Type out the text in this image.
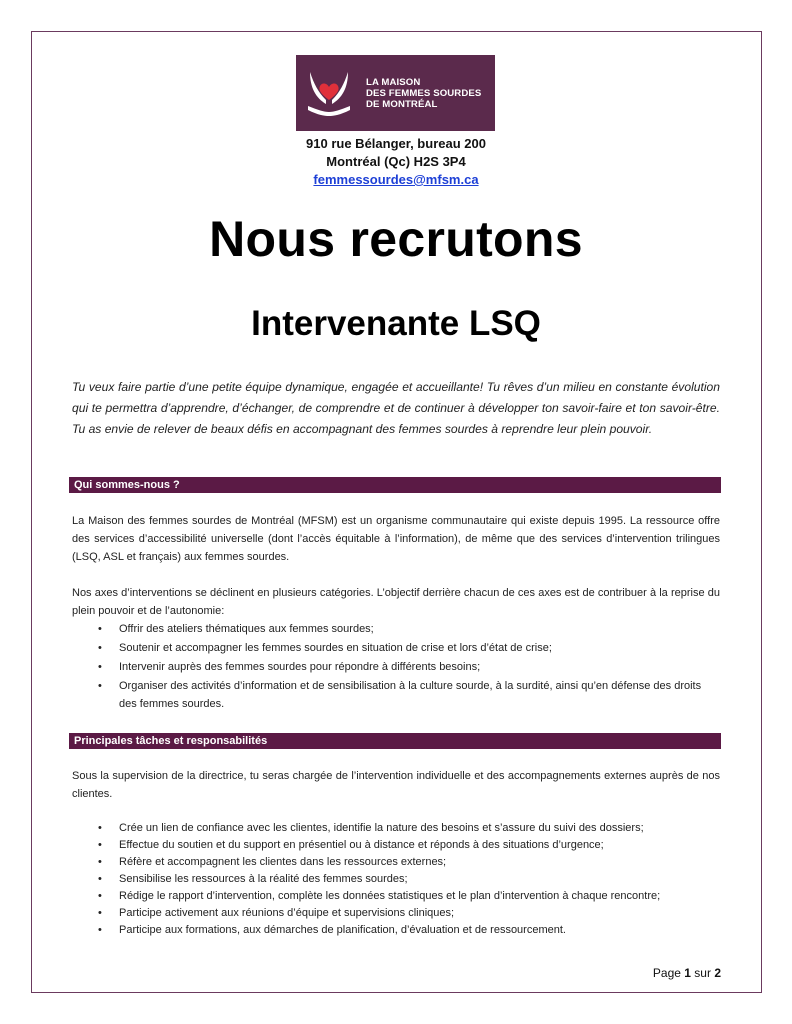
LA MAISON
DES FEMMES SOURDES
DE MONTRÉAL
910 rue Bélanger, bureau 200
Montréal (Qc) H2S 3P4
femmessourdes@mfsm.ca
Nous recrutons
Intervenante LSQ

Tu veux faire partie d’une petite équipe dynamique, engagée et accueillante! Tu rêves d’un milieu en constante évolution qui te permettra d’apprendre, d’échanger, de comprendre et de continuer à développer ton savoir-faire et ton savoir-être. Tu as envie de relever de beaux défis en accompagnant des femmes sourdes à reprendre leur plein pouvoir.

Qui sommes-nous ?

La Maison des femmes sourdes de Montréal (MFSM) est un organisme communautaire qui existe depuis 1995. La ressource offre des services d’accessibilité universelle (dont l’accès équitable à l’information), de même que des services d’intervention trilingues (LSQ, ASL et français) aux femmes sourdes.

Nos axes d’interventions se déclinent en plusieurs catégories. L’objectif derrière chacun de ces axes est de contribuer à la reprise du plein pouvoir et de l’autonomie:

• Offrir des ateliers thématiques aux femmes sourdes;
• Soutenir et accompagner les femmes sourdes en situation de crise et lors d’état de crise;
• Intervenir auprès des femmes sourdes pour répondre à différents besoins;
• Organiser des activités d’information et de sensibilisation à la culture sourde, à la surdité, ainsi qu’en défense des droits des femmes sourdes.
Principales tâches et responsabilités

Sous la supervision de la directrice, tu seras chargée de l’intervention individuelle et des accompagnements externes auprès de nos clientes.

• Crée un lien de confiance avec les clientes, identifie la nature des besoins et s’assure du suivi des dossiers;
• Effectue du soutien et du support en présentiel ou à distance et réponds à des situations d’urgence;
• Réfère et accompagnent les clientes dans les ressources externes;
• Sensibilise les ressources à la réalité des femmes sourdes;
• Rédige le rapport d’intervention, complète les données statistiques et le plan d’intervention à chaque rencontre;
• Participe activement aux réunions d’équipe et supervisions cliniques;
• Participe aux formations, aux démarches de planification, d’évaluation et de ressourcement.
Page 1 sur 2
